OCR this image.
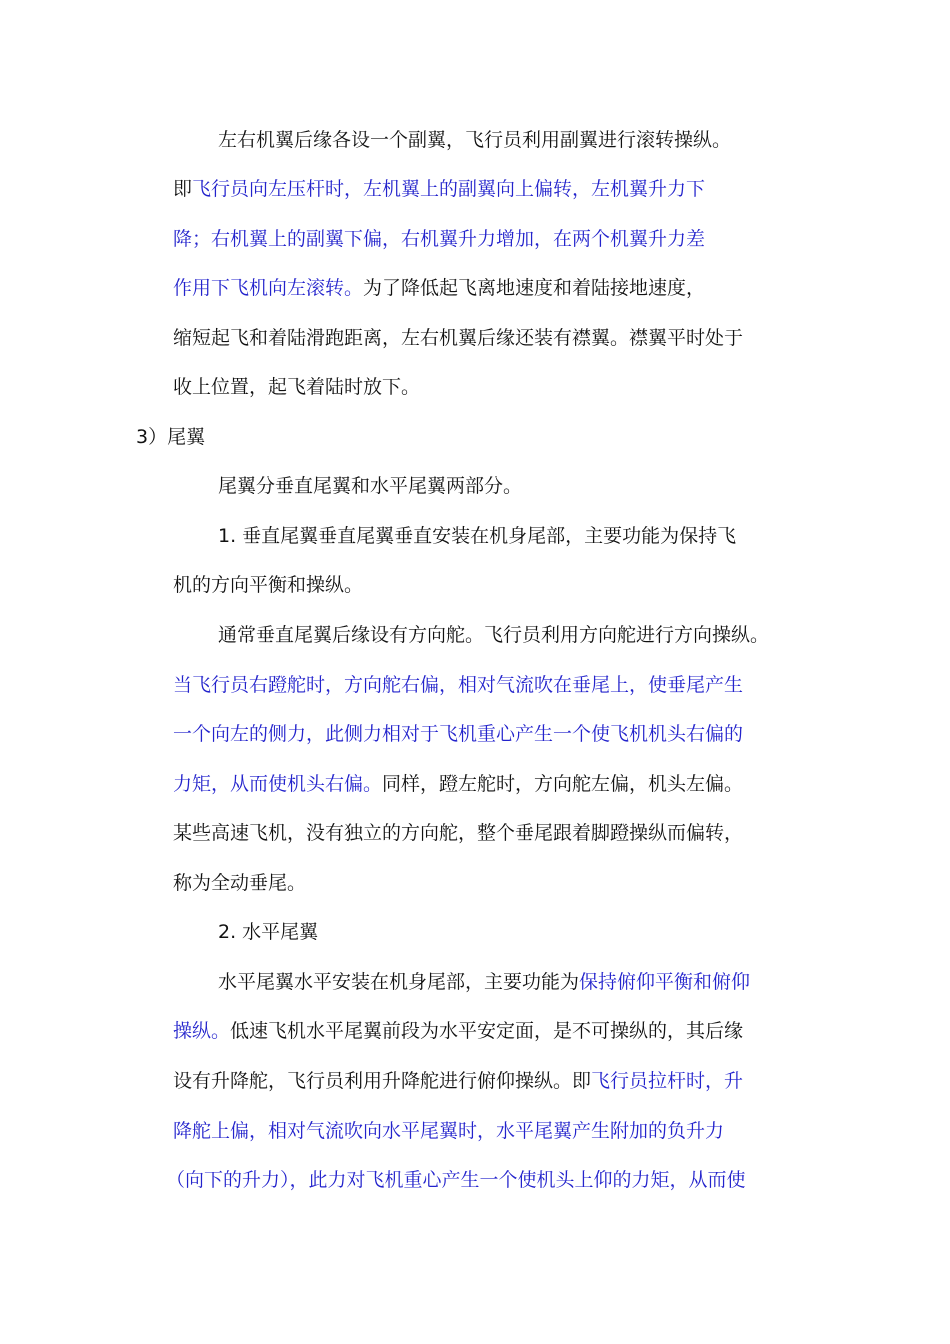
左右机翼后缘各设一个副翼，飞行员利用副翼进行滚转操纵。
即飞行员向左压杆时，左机翼上的副翼向上偏转，左机翼升力下
降；右机翼上的副翼下偏，右机翼升力增加，在两个机翼升力差
作用下飞机向左滚转。为了降低起飞离地速度和着陆接地速度，
缩短起飞和着陆滑跑距离，左右机翼后缘还装有襟翼。襟翼平时处于
收上位置，起飞着陆时放下。
3）尾翼
尾翼分垂直尾翼和水平尾翼两部分。
1. 垂直尾翼垂直尾翼垂直安装在机身尾部，主要功能为保持飞
机的方向平衡和操纵。
通常垂直尾翼后缘设有方向舵。飞行员利用方向舵进行方向操纵。
当飞行员右蹬舵时，方向舵右偏，相对气流吹在垂尾上，使垂尾产生
一个向左的侧力，此侧力相对于飞机重心产生一个使飞机机头右偏的
力矩，从而使机头右偏。同样，蹬左舵时，方向舵左偏，机头左偏。
某些高速飞机，没有独立的方向舵，整个垂尾跟着脚蹬操纵而偏转，
称为全动垂尾。
2. 水平尾翼
水平尾翼水平安装在机身尾部，主要功能为保持俯仰平衡和俯仰
操纵。低速飞机水平尾翼前段为水平安定面，是不可操纵的，其后缘
设有升降舵，飞行员利用升降舵进行俯仰操纵。即飞行员拉杆时，升
降舵上偏，相对气流吹向水平尾翼时，水平尾翼产生附加的负升力
（向下的升力），此力对飞机重心产生一个使机头上仰的力矩，从而使
